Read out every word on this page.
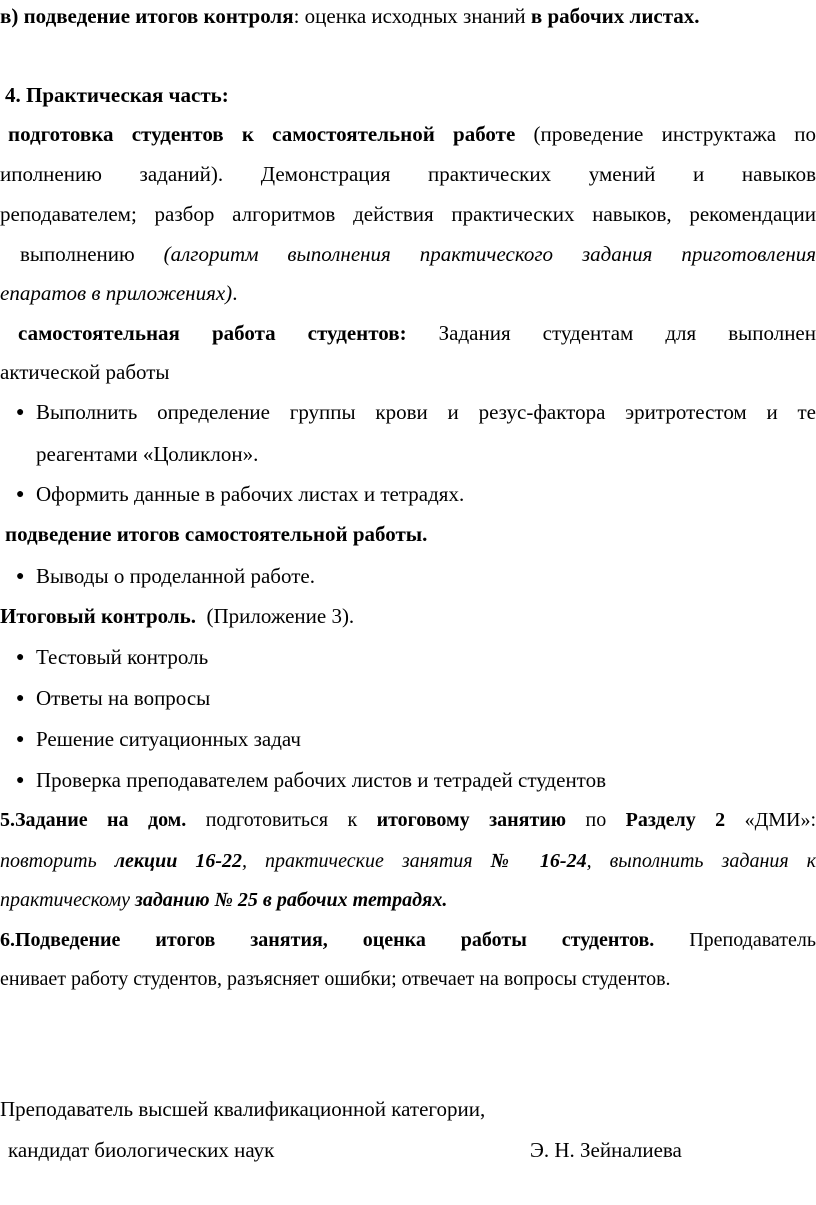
в) подведение итогов контроля: оценка исходных знаний в рабочих листах.
4. Практическая часть:
подготовка студентов к самостоятельной работе (проведение инструктажа по
иполнению заданий). Демонстрация практических умений и навыков
реподавателем; разбор алгоритмов действия практических навыков, рекомендации
выполнению (алгоритм выполнения практического задания приготовления
епаратов в приложениях).
самостоятельная работа студентов: Задания студентам для выполнен
актической работы
● Выполнить определение группы крови и резус-фактора эритротестом и те
реагентами «Цоликлон».
● Оформить данные в рабочих листах и тетрадях.
подведение итогов самостоятельной работы.
● Выводы о проделанной работе.
Итоговый контроль.  (Приложение 3).
● Тестовый контроль
● Ответы на вопросы
● Решение ситуационных задач
● Проверка преподавателем рабочих листов и тетрадей студентов
5.Задание на дом. подготовиться к итоговому занятию по Разделу 2 «ДМИ»:
повторить лекции 16-22, практические занятия № 16-24, выполнить задания к
практическому заданию № 25 в рабочих тетрадях.
6.Подведение итогов занятия, оценка работы студентов. Преподаватель
енивает работу студентов, разъясняет ошибки; отвечает на вопросы студентов.
Преподаватель высшей квалификационной категории,
кандидат биологических наук	Э. Н. Зейналиева
